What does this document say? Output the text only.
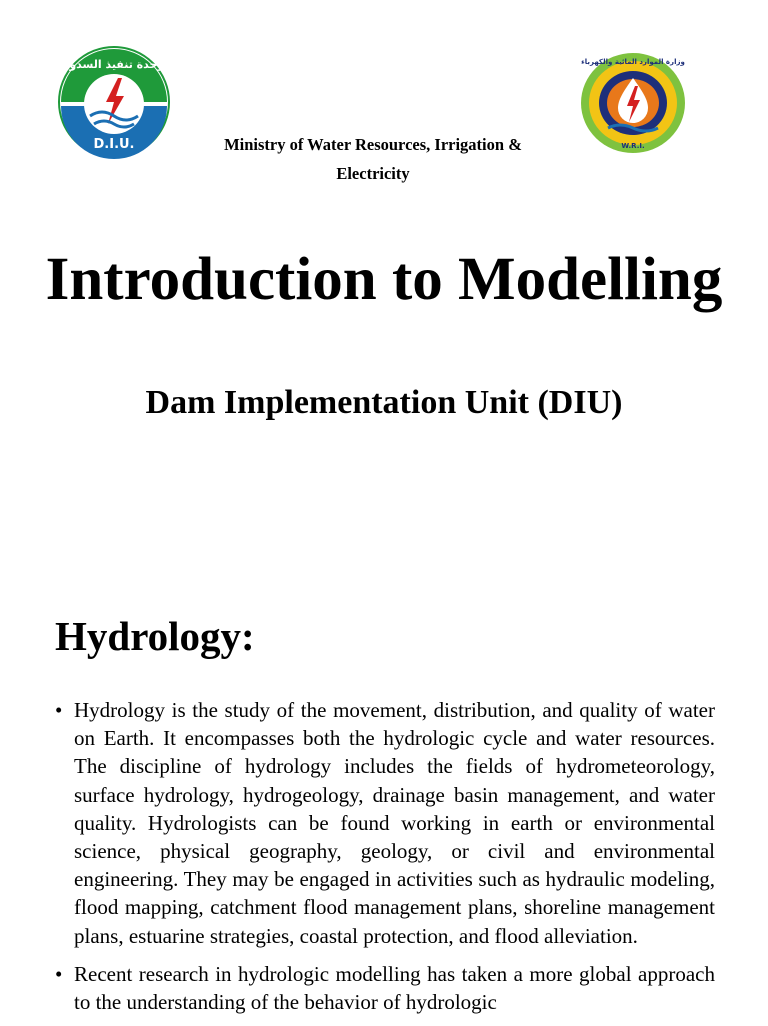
وحدة تنفيذ السدود
D.I.U.
وزارة الموارد المائية والكهرباء
W.R.I.
Ministry of Water Resources, Irrigation & Electricity
Introduction to Modelling
Dam Implementation Unit (DIU)
Hydrology:
• Hydrology is the study of the movement, distribution, and quality of water on Earth. It encompasses both the hydrologic cycle and water resources. The discipline of hydrology includes the fields of hydrometeorology, surface hydrology, hydrogeology, drainage basin management, and water quality. Hydrologists can be found working in earth or environmental science, physical geography, geology, or civil and environmental engineering. They may be engaged in activities such as hydraulic modeling, flood mapping, catchment flood management plans, shoreline management plans, estuarine strategies, coastal protection, and flood alleviation.
• Recent research in hydrologic modelling has taken a more global approach to the understanding of the behavior of hydrologic
